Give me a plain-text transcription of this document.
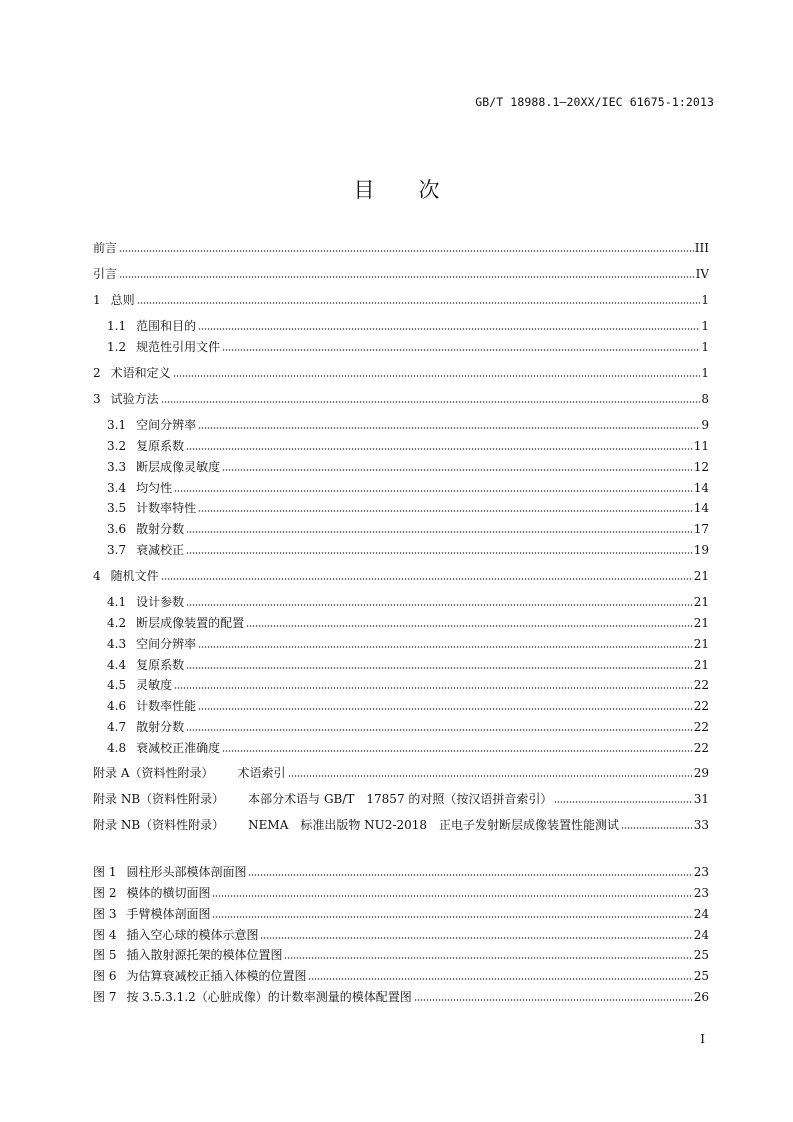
GB/T 18988.1—20XX/IEC 61675-1:2013
目次
前言	III
引言	IV
1 总则	1
1.1 范围和目的	1
1.2 规范性引用文件	1
2 术语和定义	1
3 试验方法	8
3.1 空间分辨率	9
3.2 复原系数	11
3.3 断层成像灵敏度	12
3.4 均匀性	14
3.5 计数率特性	14
3.6 散射分数	17
3.7 衰减校正	19
4 随机文件	21
4.1 设计参数	21
4.2 断层成像装置的配置	21
4.3 空间分辨率	21
4.4 复原系数	21
4.5 灵敏度	22
4.6 计数率性能	22
4.7 散射分数	22
4.8 衰减校正准确度	22
附录 A（资料性附录） 术语索引	29
附录 NB（资料性附录） 本部分术语与 GB/T　17857 的对照（按汉语拼音索引）	31
附录 NB（资料性附录） NEMA　标准出版物 NU2-2018　正电子发射断层成像装置性能测试	33
图 1 圆柱形头部模体剖面图	23
图 2 模体的横切面图	23
图 3 手臂模体剖面图	24
图 4 插入空心球的模体示意图	24
图 5 插入散射源托架的模体位置图	25
图 6 为估算衰减校正插入体模的位置图	25
图 7 按 3.5.3.1.2（心脏成像）的计数率测量的模体配置图	26
I
